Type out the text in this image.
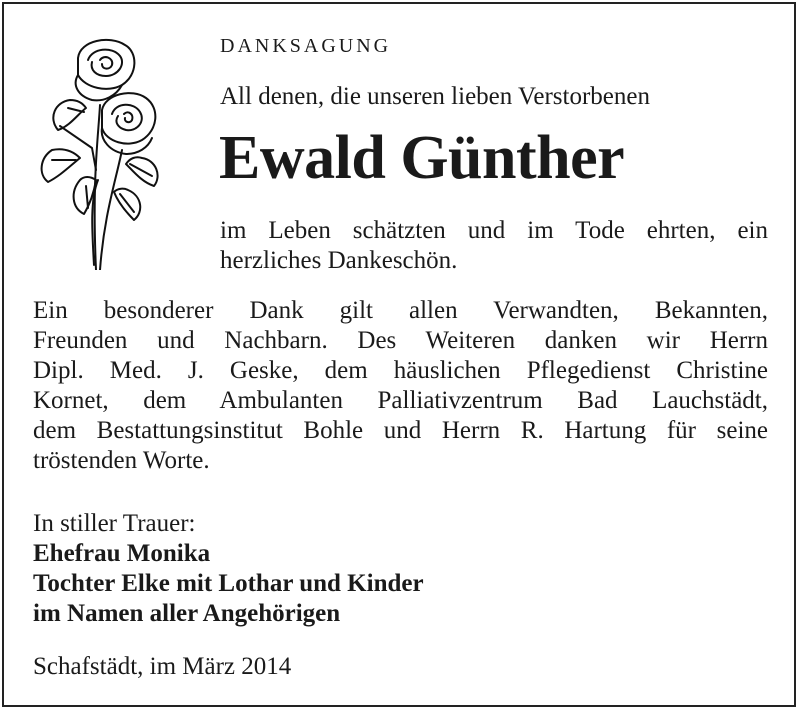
DANKSAGUNG
All denen, die unseren lieben Verstorbenen
Ewald Günther
im Leben schätzten und im Tode ehrten, ein
herzliches Dankeschön.
Ein besonderer Dank gilt allen Verwandten, Bekannten,
Freunden und Nachbarn. Des Weiteren danken wir Herrn
Dipl. Med. J. Geske, dem häuslichen Pflegedienst Christine
Kornet, dem Ambulanten Palliativzentrum Bad Lauchstädt,
dem Bestattungsinstitut Bohle und Herrn R. Hartung für seine
tröstenden Worte.
In stiller Trauer:
Ehefrau Monika
Tochter Elke mit Lothar und Kinder
im Namen aller Angehörigen
Schafstädt, im März 2014
